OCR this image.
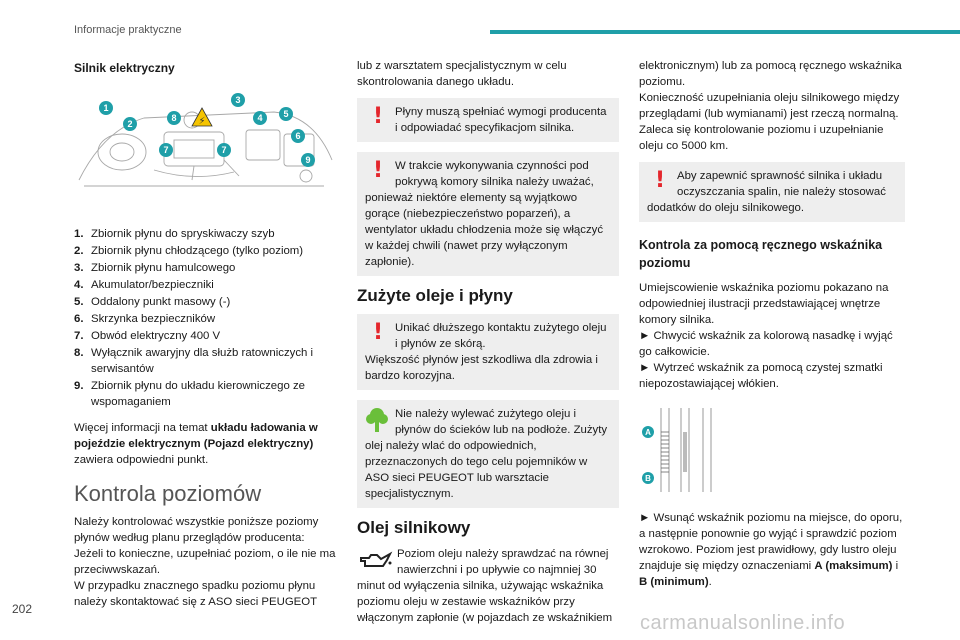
Informacje praktyczne
Silnik elektryczny
⚡
1
2
3
4 5
6
7	7
8
9
1. Zbiornik płynu do spryskiwaczy szyb
2. Zbiornik płynu chłodzącego (tylko poziom)
3. Zbiornik płynu hamulcowego
4. Akumulator/bezpieczniki
5. Oddalony punkt masowy (-)
6. Skrzynka bezpieczników
7. Obwód elektryczny 400 V
8. Wyłącznik awaryjny dla służb ratowniczych i serwisantów
9. Zbiornik płynu do układu kierowniczego ze wspomaganiem

Więcej informacji na temat układu ładowania w pojeździe elektrycznym (Pojazd elektryczny) zawiera odpowiedni punkt.

Kontrola poziomów

Należy kontrolować wszystkie poniższe poziomy płynów według planu przeglądów producenta:

Jeżeli to konieczne, uzupełniać poziom, o ile nie ma przeciwwskazań.

W przypadku znacznego spadku poziomu płynu należy skontaktować się z ASO sieci PEUGEOT

lub z warsztatem specjalistycznym w celu skontrolowania danego układu.

!	Płyny muszą spełniać wymogi producenta i odpowiadać specyfikacjom silnika.
!	W trakcie wykonywania czynności pod pokrywą komory silnika należy uważać, ponieważ niektóre elementy są wyjątkowo gorące (niebezpieczeństwo poparzeń), a wentylator układu chłodzenia może się włączyć w każdej chwili (nawet przy wyłączonym zapłonie).
Zużyte oleje i płyny
!	Unikać dłuższego kontaktu zużytego oleju i płynów ze skórą.
Większość płynów jest szkodliwa dla zdrowia i bardzo korozyjna.
Nie należy wylewać zużytego oleju i płynów do ścieków lub na podłoże. Zużyty olej należy wlać do odpowiednich, przeznaczonych do tego celu pojemników w ASO sieci PEUGEOT lub warsztacie specjalistycznym.
Olej silnikowy

Poziom oleju należy sprawdzać na równej nawierzchni i po upływie co najmniej 30 minut od wyłączenia silnika, używając wskaźnika poziomu oleju w zestawie wskaźników przy włączonym zapłonie (w pojazdach ze wskaźnikiem

elektronicznym) lub za pomocą ręcznego wskaźnika poziomu.

Konieczność uzupełniania oleju silnikowego między przeglądami (lub wymianami) jest rzeczą normalną. Zaleca się kontrolowanie poziomu i uzupełnianie oleju co 5000 km.

!	Aby zapewnić sprawność silnika i układu oczyszczania spalin, nie należy stosować dodatków do oleju silnikowego.
Kontrola za pomocą ręcznego wskaźnika poziomu

Umiejscowienie wskaźnika poziomu pokazano na odpowiedniej ilustracji przedstawiającej wnętrze komory silnika.

► Chwycić wskaźnik za kolorową nasadkę i wyjąć go całkowicie.

► Wytrzeć wskaźnik za pomocą czystej szmatki niepozostawiającej włókien.

A
B

► Wsunąć wskaźnik poziomu na miejsce, do oporu, a następnie ponownie go wyjąć i sprawdzić poziom wzrokowo. Poziom jest prawidłowy, gdy lustro oleju znajduje się między oznaczeniami A (maksimum) i B (minimum).

202
carmanualsonline.info
